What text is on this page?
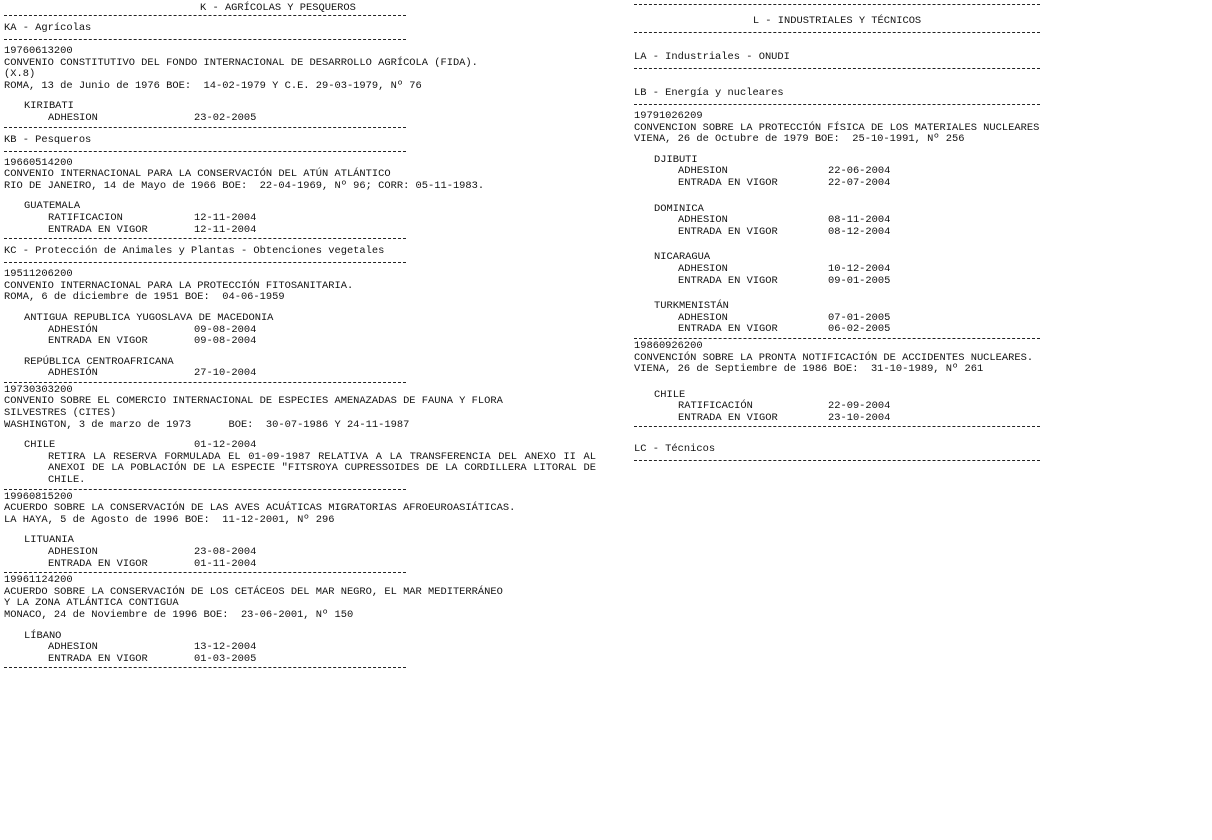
K - AGRÍCOLAS Y PESQUEROS
KA - Agrícolas
19760613200
CONVENIO CONSTITUTIVO DEL FONDO INTERNACIONAL DE DESARROLLO AGRÍCOLA (FIDA).
(X.8)
ROMA, 13 de Junio de 1976 BOE:  14-02-1979 Y C.E. 29-03-1979, Nº 76
KIRIBATI
ADHESION	23-02-2005
KB - Pesqueros
19660514200
CONVENIO INTERNACIONAL PARA LA CONSERVACIÓN DEL ATÚN ATLÁNTICO
RIO DE JANEIRO, 14 de Mayo de 1966 BOE:  22-04-1969, Nº 96; CORR: 05-11-1983.
GUATEMALA
RATIFICACION	12-11-2004
ENTRADA EN VIGOR	12-11-2004
KC - Protección de Animales y Plantas - Obtenciones vegetales
19511206200
CONVENIO INTERNACIONAL PARA LA PROTECCIÓN FITOSANITARIA.
ROMA, 6 de diciembre de 1951 BOE:  04-06-1959
ANTIGUA REPUBLICA YUGOSLAVA DE MACEDONIA
ADHESIÓN	09-08-2004
ENTRADA EN VIGOR	09-08-2004
REPÚBLICA CENTROAFRICANA
ADHESIÓN	27-10-2004
19730303200
CONVENIO SOBRE EL COMERCIO INTERNACIONAL DE ESPECIES AMENAZADAS DE FAUNA Y FLORA
SILVESTRES (CITES)
WASHINGTON, 3 de marzo de 1973      BOE:  30-07-1986 Y 24-11-1987
CHILE	01-12-2004
RETIRA LA RESERVA FORMULADA EL 01-09-1987 RELATIVA A LA TRANSFERENCIA DEL ANEXO II AL ANEXOI DE LA POBLACIÓN DE LA ESPECIE "FITSROYA CUPRESSOIDES DE LA CORDILLERA LITORAL DE CHILE.
19960815200
ACUERDO SOBRE LA CONSERVACIÓN DE LAS AVES ACUÁTICAS MIGRATORIAS AFROEUROASIÁTICAS.
LA HAYA, 5 de Agosto de 1996 BOE:  11-12-2001, Nº 296
LITUANIA
ADHESION	23-08-2004
ENTRADA EN VIGOR	01-11-2004
19961124200
ACUERDO SOBRE LA CONSERVACIÓN DE LOS CETÁCEOS DEL MAR NEGRO, EL MAR MEDITERRÁNEO
Y LA ZONA ATLÁNTICA CONTIGUA
MONACO, 24 de Noviembre de 1996 BOE:  23-06-2001, Nº 150
LÍBANO
ADHESION	13-12-2004
ENTRADA EN VIGOR	01-03-2005
L - INDUSTRIALES Y TÉCNICOS
LA - Industriales - ONUDI
LB - Energía y nucleares
19791026209
CONVENCION SOBRE LA PROTECCIÓN FÍSICA DE LOS MATERIALES NUCLEARES
VIENA, 26 de Octubre de 1979 BOE:  25-10-1991, Nº 256
DJIBUTI
ADHESION	22-06-2004
ENTRADA EN VIGOR	22-07-2004
DOMINICA
ADHESION	08-11-2004
ENTRADA EN VIGOR	08-12-2004
NICARAGUA
ADHESION	10-12-2004
ENTRADA EN VIGOR	09-01-2005
TURKMENISTÁN
ADHESION	07-01-2005
ENTRADA EN VIGOR	06-02-2005
19860926200
CONVENCIÓN SOBRE LA PRONTA NOTIFICACIÓN DE ACCIDENTES NUCLEARES.
VIENA, 26 de Septiembre de 1986 BOE:  31-10-1989, Nº 261
CHILE
RATIFICACIÓN	22-09-2004
ENTRADA EN VIGOR	23-10-2004
LC - Técnicos
